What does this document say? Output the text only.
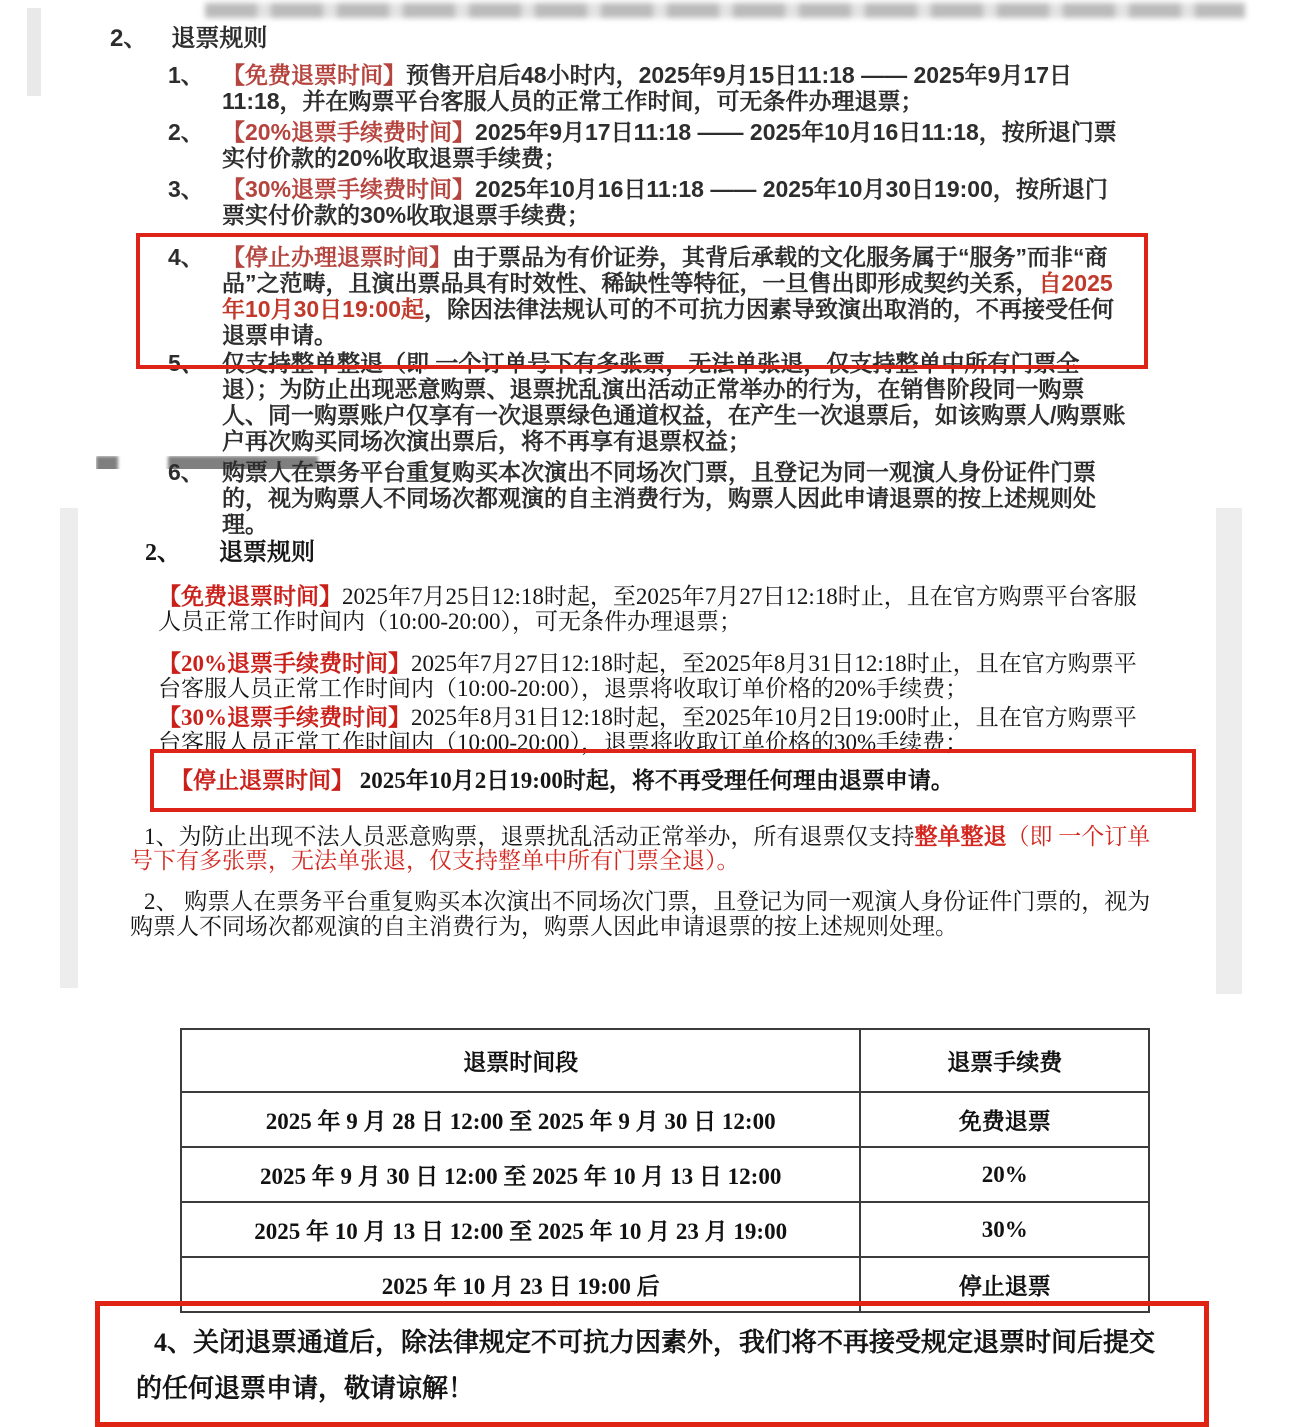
2、 退票规则
1、 【免费退票时间】预售开启后48小时内，2025年9月15日11:18 —— 2025年9月17日11:18，并在购票平台客服人员的正常工作时间，可无条件办理退票；
2、 【20%退票手续费时间】2025年9月17日11:18 —— 2025年10月16日11:18，按所退门票实付价款的20%收取退票手续费；
3、 【30%退票手续费时间】2025年10月16日11:18 —— 2025年10月30日19:00，按所退门票实付价款的30%收取退票手续费；
4、 【停止办理退票时间】由于票品为有价证券，其背后承载的文化服务属于“服务”而非“商品”之范畴，且演出票品具有时效性、稀缺性等特征，一旦售出即形成契约关系，自2025年10月30日19:00起，除因法律法规认可的不可抗力因素导致演出取消的，不再接受任何退票申请。
5、 仅支持整单整退（即 一个订单号下有多张票，无法单张退，仅支持整单中所有门票全退）；为防止出现恶意购票、退票扰乱演出活动正常举办的行为，在销售阶段同一购票人、同一购票账户仅享有一次退票绿色通道权益，在产生一次退票后，如该购票人/购票账户再次购买同场次演出票后，将不再享有退票权益；
6、 购票人在票务平台重复购买本次演出不同场次门票，且登记为同一观演人身份证件门票的，视为购票人不同场次都观演的自主消费行为，购票人因此申请退票的按上述规则处理。
2、 退票规则
【免费退票时间】2025年7月25日12:18时起，至2025年7月27日12:18时止，且在官方购票平台客服人员正常工作时间内（10:00-20:00），可无条件办理退票；
【20%退票手续费时间】2025年7月27日12:18时起，至2025年8月31日12:18时止，且在官方购票平台客服人员正常工作时间内（10:00-20:00），退票将收取订单价格的20%手续费；
【30%退票手续费时间】2025年8月31日12:18时起，至2025年10月2日19:00时止，且在官方购票平台客服人员正常工作时间内（10:00-20:00），退票将收取订单价格的30%手续费；
【停止退票时间】 2025年10月2日19:00时起，将不再受理任何理由退票申请。
1、为防止出现不法人员恶意购票，退票扰乱活动正常举办，所有退票仅支持整单整退（即 一个订单号下有多张票，无法单张退，仅支持整单中所有门票全退）。
2、 购票人在票务平台重复购买本次演出不同场次门票，且登记为同一观演人身份证件门票的，视为购票人不同场次都观演的自主消费行为，购票人因此申请退票的按上述规则处理。
退票时间段	退票手续费
2025 年 9 月 28 日 12:00 至 2025 年 9 月 30 日 12:00	免费退票
2025 年 9 月 30 日 12:00 至 2025 年 10 月 13 日 12:00	20%
2025 年 10 月 13 日 12:00 至 2025 年 10 月 23 月 19:00	30%
2025 年 10 月 23 日 19:00 后	停止退票
4、关闭退票通道后，除法律规定不可抗力因素外，我们将不再接受规定退票时间后提交的任何退票申请，敬请谅解！
